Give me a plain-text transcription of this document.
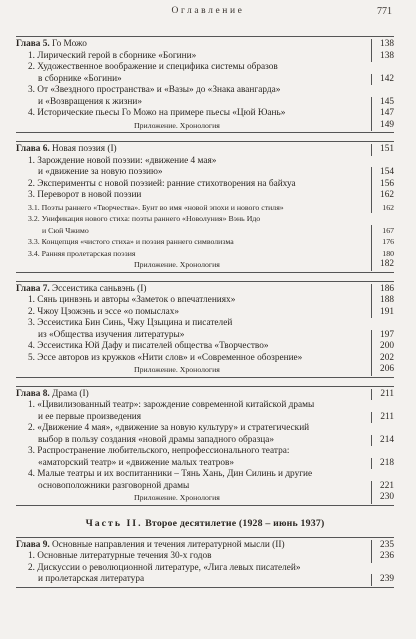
Оглавление	771
Глава 5. Го Можо	138
1. Лирический герой в сборнике «Богини»	138
2. Художественное воображение и специфика системы образов
в сборнике «Богини»	142
3. От «Звездного пространства» и «Вазы» до «Знака авангарда»
и «Возвращения к жизни»	145
4. Исторические пьесы Го Можо на примере пьесы «Цюй Юань»	147
Приложение. Хронология	149
Глава 6. Новая поэзия (I)	151
1. Зарождение новой поэзии: «движение 4 мая»
и «движение за новую поэзию»	154
2. Эксперименты с новой поэзией: ранние стихотворения на байхуа	156
3. Переворот в новой поэзии	162
3.1. Поэты раннего «Творчества». Бунт во имя «новой эпохи и нового стиля»	162
3.2. Унификация нового стиха: поэты раннего «Новолуния» Вэнь Идо
и Сюй Чжимо	167
3.3. Концепция «чистого стиха» и поэзия раннего символизма	176
3.4. Ранняя пролетарская поэзия	180
Приложение. Хронология	182
Глава 7. Эссеистика саньвэнь (I)	186
1. Сянь цинвэнь и авторы «Заметок о впечатлениях»	188
2. Чжоу Цзожэнь и эссе «о помыслах»	191
3. Эссеистика Бин Синь, Чжу Цзыцина и писателей
из «Общества изучения литературы»	197
4. Эссеистика Юй Дафу и писателей общества «Творчество»	200
5. Эссе авторов из кружков «Нити слов» и «Современное обозрение»	202
Приложение. Хронология	206
Глава 8. Драма (I)	211
1. «Цивилизованный театр»: зарождение современной китайской драмы
и ее первые произведения	211
2. «Движение 4 мая», «движение за новую культуру» и стратегический
выбор в пользу создания «новой драмы западного образца»	214
3. Распространение любительского, непрофессионального театра:
«аматорский театр» и «движение малых театров»	218
4. Малые театры и их воспитанники – Тянь Хань, Дин Силинь и другие
основоположники разговорной драмы	221
Приложение. Хронология	230
Часть II. Второе десятилетие (1928 – июнь 1937)
Глава 9. Основные направления и течения литературной мысли (II)	235
1. Основные литературные течения 30-х годов	236
2. Дискуссии о революционной литературе, «Лига левых писателей»
и пролетарская литература	239
